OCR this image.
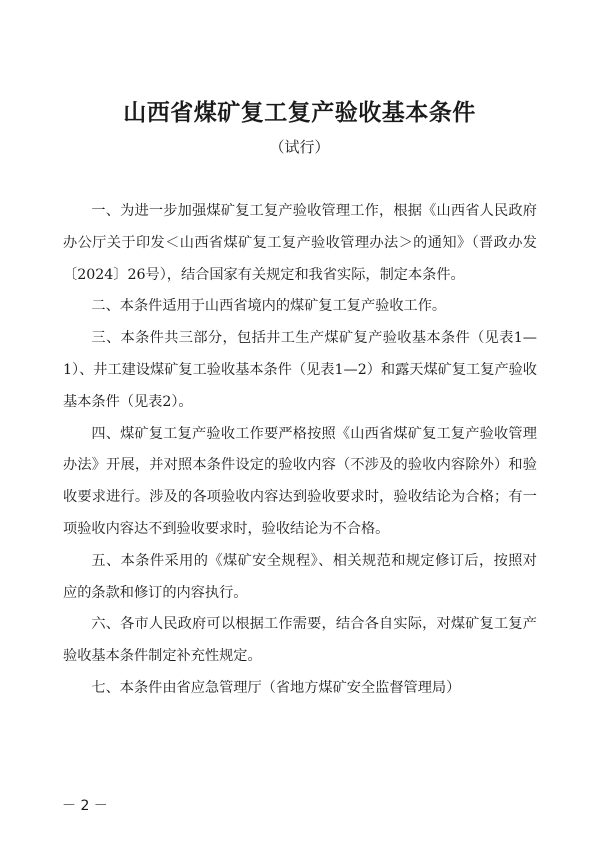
山西省煤矿复工复产验收基本条件
（试行）

一、为进一步加强煤矿复工复产验收管理工作，根据《山西省人民政府办公厅关于印发＜山西省煤矿复工复产验收管理办法＞的通知》（晋政办发〔2024〕26号），结合国家有关规定和我省实际，制定本条件。

二、本条件适用于山西省境内的煤矿复工复产验收工作。

三、本条件共三部分，包括井工生产煤矿复产验收基本条件（见表1—1）、井工建设煤矿复工验收基本条件（见表1—2）和露天煤矿复工复产验收基本条件（见表2）。

四、煤矿复工复产验收工作要严格按照《山西省煤矿复工复产验收管理办法》开展，并对照本条件设定的验收内容（不涉及的验收内容除外）和验收要求进行。涉及的各项验收内容达到验收要求时，验收结论为合格；有一项验收内容达不到验收要求时，验收结论为不合格。

五、本条件采用的《煤矿安全规程》、相关规范和规定修订后，按照对应的条款和修订的内容执行。

六、各市人民政府可以根据工作需要，结合各自实际，对煤矿复工复产验收基本条件制定补充性规定。

七、本条件由省应急管理厅（省地方煤矿安全监督管理局）

－ 2 －
